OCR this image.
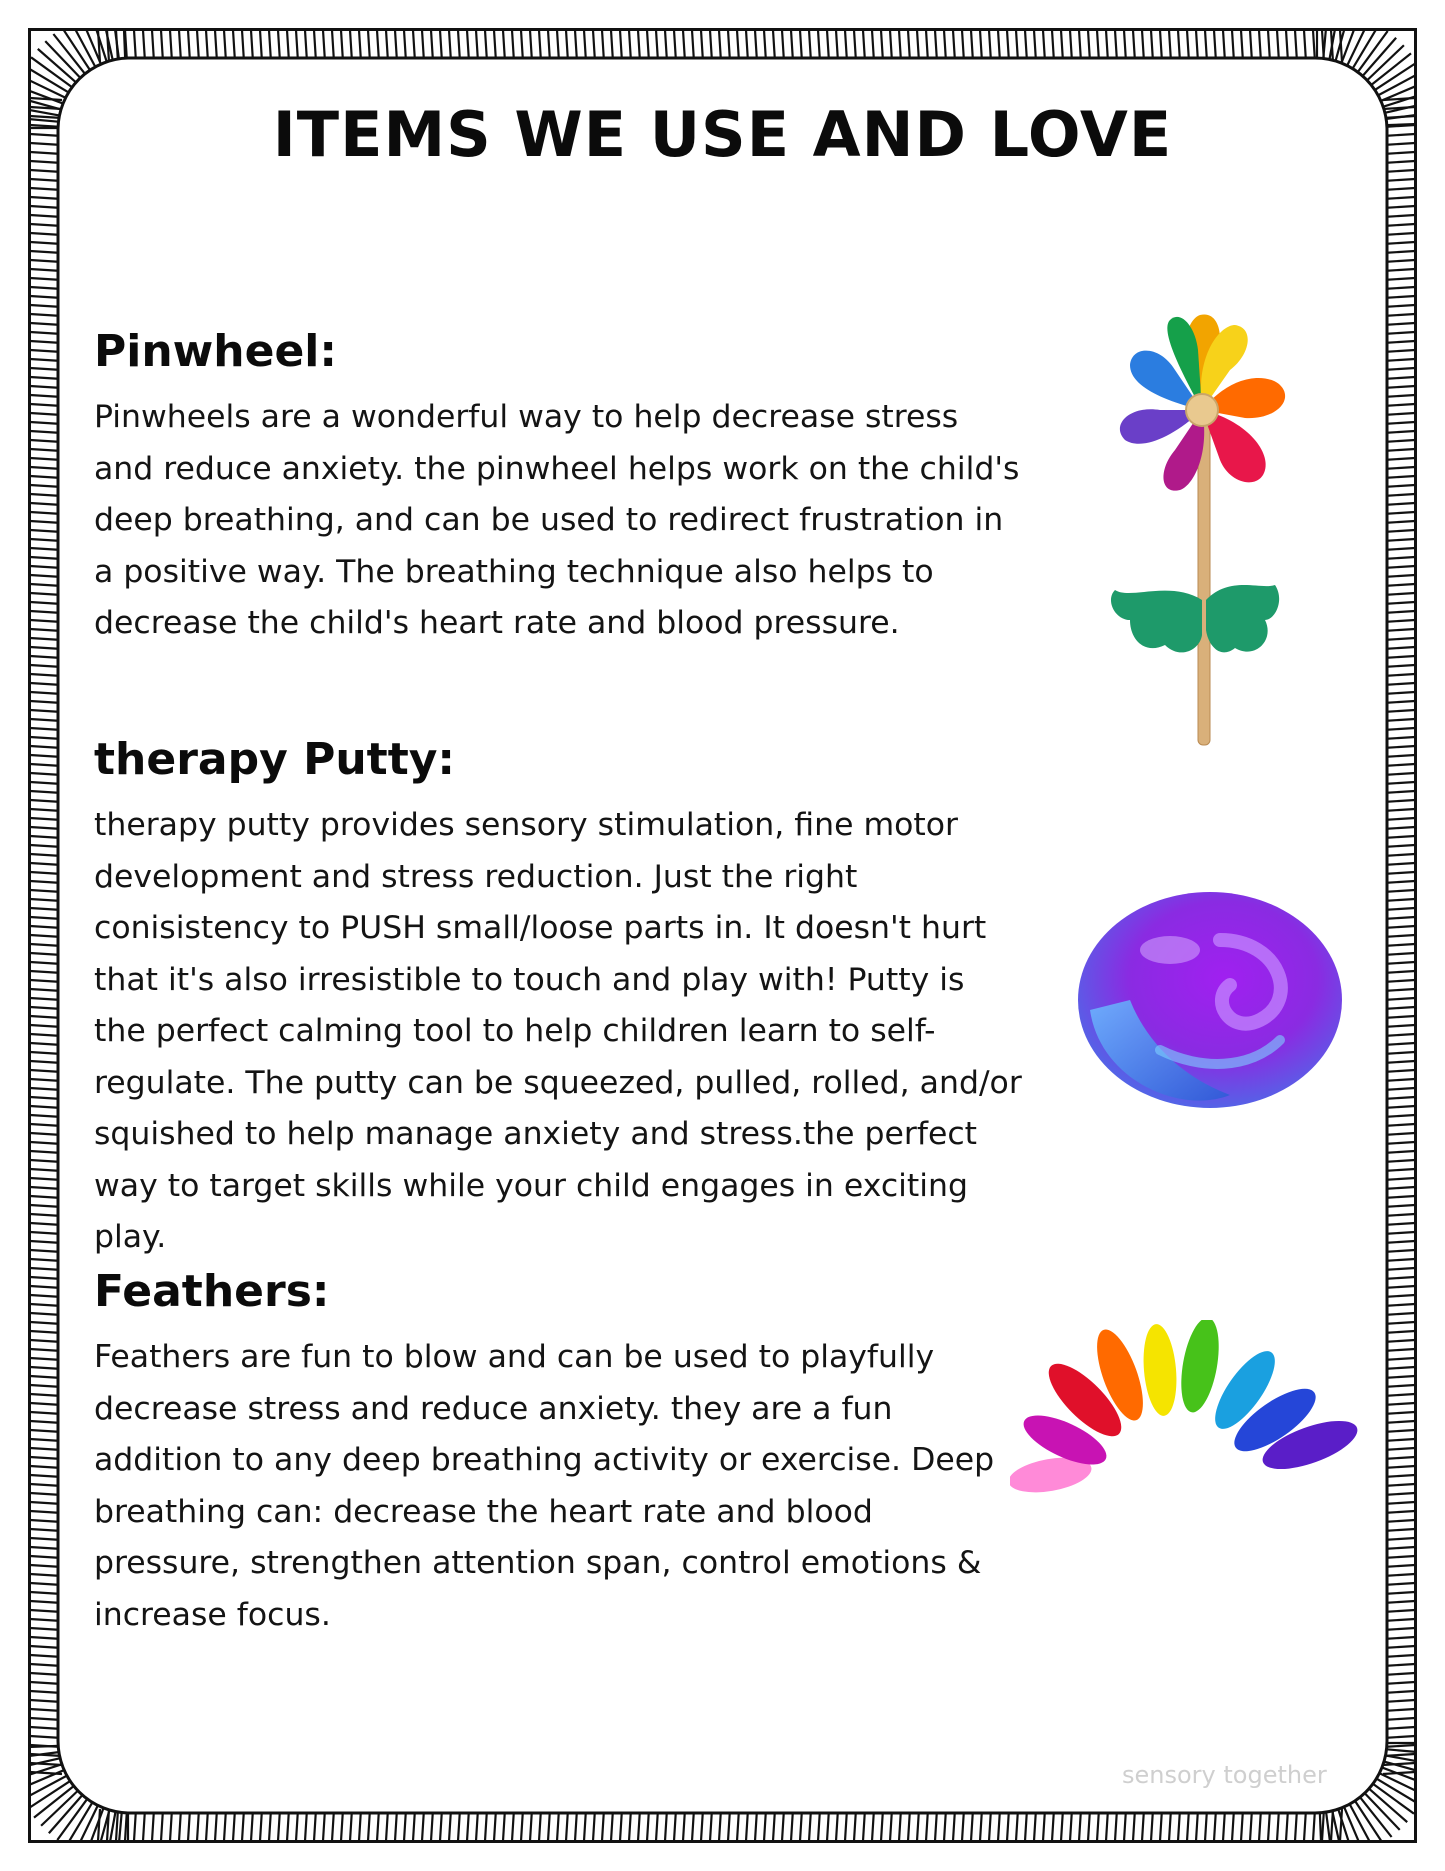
ITEMS WE USE AND LOVE
Pinwheel:
Pinwheels are a wonderful way to help decrease stress and reduce anxiety. the pinwheel helps work on the child's deep breathing, and can be used to redirect frustration in a positive way. The breathing technique also helps to decrease the child's heart rate and blood pressure.
therapy Putty:
therapy putty provides sensory stimulation, fine motor development and stress reduction. Just the right conisistency to PUSH small/loose parts in. It doesn't hurt that it's also irresistible to touch and play with! Putty is the perfect calming tool to help children learn to self-regulate. The putty can be squeezed, pulled, rolled, and/or squished to help manage anxiety and stress.the perfect way to target skills while your child engages in exciting play.
Feathers:
Feathers are fun to blow and can be used to playfully decrease stress and reduce anxiety. they are a fun addition to any deep breathing activity or exercise. Deep breathing can: decrease the heart rate and blood pressure, strengthen attention span, control emotions & increase focus.
sensory together
